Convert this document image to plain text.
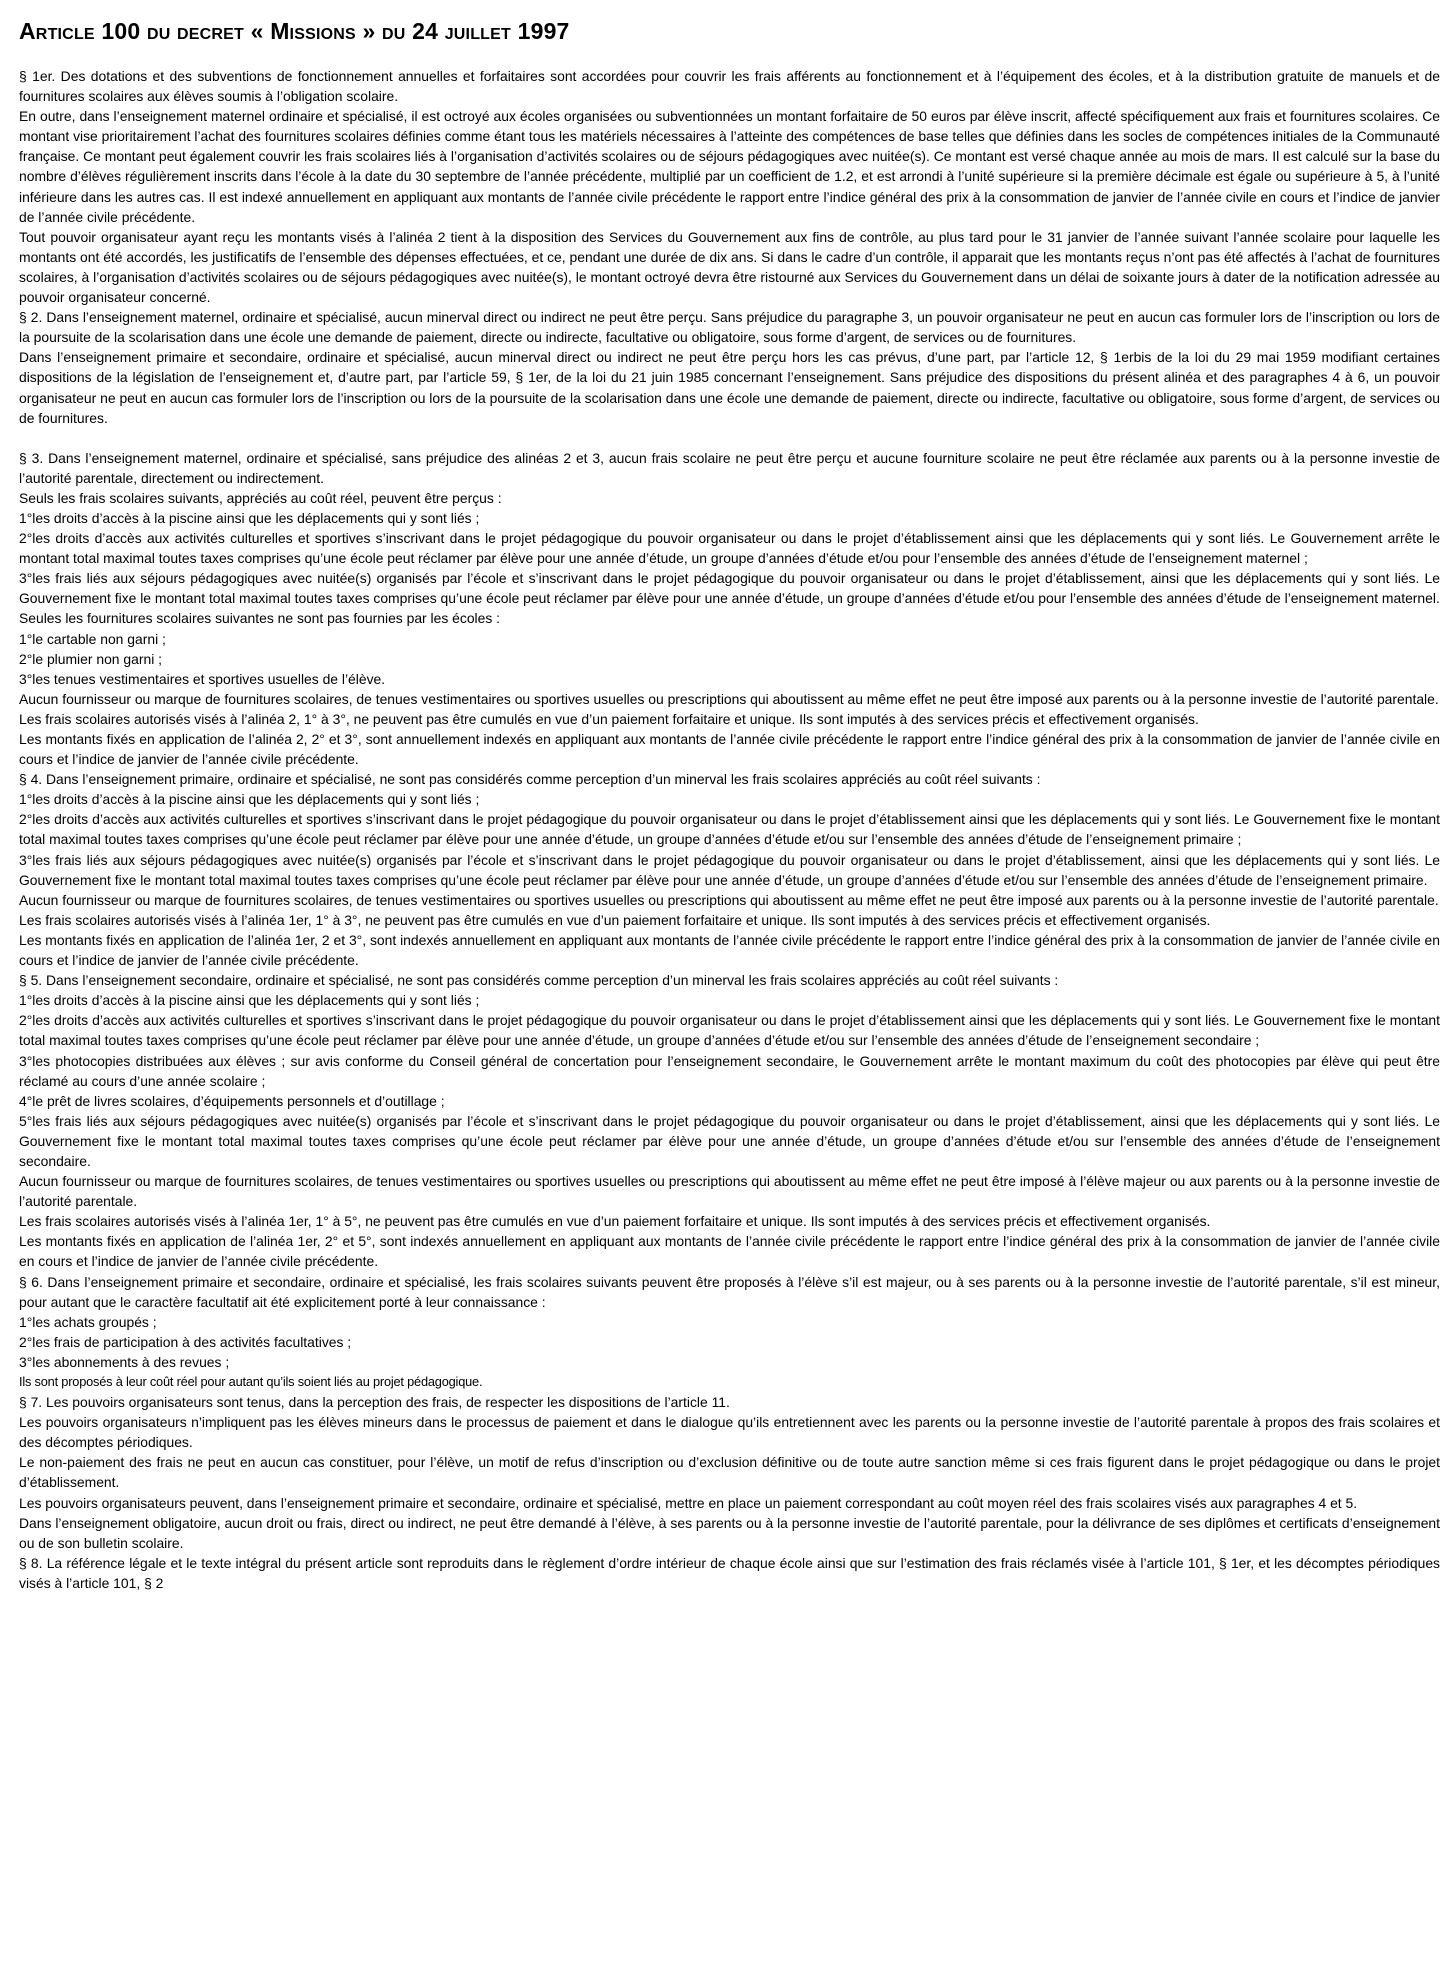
Article 100 du decret « Missions » du 24 juillet 1997

§ 1er. Des dotations et des subventions de fonctionnement annuelles et forfaitaires sont accordées pour couvrir les frais afférents au fonctionnement et à l’équipement des écoles, et à la distribution gratuite de manuels et de fournitures scolaires aux élèves soumis à l’obligation scolaire.

En outre, dans l’enseignement maternel ordinaire et spécialisé, il est octroyé aux écoles organisées ou subventionnées un montant forfaitaire de 50 euros par élève inscrit, affecté spécifiquement aux frais et fournitures scolaires. Ce montant vise prioritairement l’achat des fournitures scolaires définies comme étant tous les matériels nécessaires à l’atteinte des compétences de base telles que définies dans les socles de compétences initiales de la Communauté française. Ce montant peut également couvrir les frais scolaires liés à l’organisation d’activités scolaires ou de séjours pédagogiques avec nuitée(s). Ce montant est versé chaque année au mois de mars. Il est calculé sur la base du nombre d’élèves régulièrement inscrits dans l’école à la date du 30 septembre de l’année précédente, multiplié par un coefficient de 1.2, et est arrondi à l’unité supérieure si la première décimale est égale ou supérieure à 5, à l’unité inférieure dans les autres cas. Il est indexé annuellement en appliquant aux montants de l’année civile précédente le rapport entre l’indice général des prix à la consommation de janvier de l’année civile en cours et l’indice de janvier de l’année civile précédente.

Tout pouvoir organisateur ayant reçu les montants visés à l’alinéa 2 tient à la disposition des Services du Gouvernement aux fins de contrôle, au plus tard pour le 31 janvier de l’année suivant l’année scolaire pour laquelle les montants ont été accordés, les justificatifs de l’ensemble des dépenses effectuées, et ce, pendant une durée de dix ans. Si dans le cadre d’un contrôle, il apparait que les montants reçus n’ont pas été affectés à l’achat de fournitures scolaires, à l’organisation d’activités scolaires ou de séjours pédagogiques avec nuitée(s), le montant octroyé devra être ristourné aux Services du Gouvernement dans un délai de soixante jours à dater de la notification adressée au pouvoir organisateur concerné.

§ 2. Dans l’enseignement maternel, ordinaire et spécialisé, aucun minerval direct ou indirect ne peut être perçu. Sans préjudice du paragraphe 3, un pouvoir organisateur ne peut en aucun cas formuler lors de l’inscription ou lors de la poursuite de la scolarisation dans une école une demande de paiement, directe ou indirecte, facultative ou obligatoire, sous forme d’argent, de services ou de fournitures.

Dans l’enseignement primaire et secondaire, ordinaire et spécialisé, aucun minerval direct ou indirect ne peut être perçu hors les cas prévus, d’une part, par l’article 12, § 1erbis de la loi du 29 mai 1959 modifiant certaines dispositions de la législation de l’enseignement et, d’autre part, par l’article 59, § 1er, de la loi du 21 juin 1985 concernant l’enseignement. Sans préjudice des dispositions du présent alinéa et des paragraphes 4 à 6, un pouvoir organisateur ne peut en aucun cas formuler lors de l’inscription ou lors de la poursuite de la scolarisation dans une école une demande de paiement, directe ou indirecte, facultative ou obligatoire, sous forme d’argent, de services ou de fournitures.

§ 3. Dans l’enseignement maternel, ordinaire et spécialisé, sans préjudice des alinéas 2 et 3, aucun frais scolaire ne peut être perçu et aucune fourniture scolaire ne peut être réclamée aux parents ou à la personne investie de l’autorité parentale, directement ou indirectement.

Seuls les frais scolaires suivants, appréciés au coût réel, peuvent être perçus :

1°les droits d’accès à la piscine ainsi que les déplacements qui y sont liés ;

2°les droits d’accès aux activités culturelles et sportives s’inscrivant dans le projet pédagogique du pouvoir organisateur ou dans le projet d’établissement ainsi que les déplacements qui y sont liés. Le Gouvernement arrête le montant total maximal toutes taxes comprises qu’une école peut réclamer par élève pour une année d’étude, un groupe d’années d’étude et/ou pour l’ensemble des années d’étude de l’enseignement maternel ;

3°les frais liés aux séjours pédagogiques avec nuitée(s) organisés par l’école et s’inscrivant dans le projet pédagogique du pouvoir organisateur ou dans le projet d’établissement, ainsi que les déplacements qui y sont liés. Le Gouvernement fixe le montant total maximal toutes taxes comprises qu’une école peut réclamer par élève pour une année d’étude, un groupe d’années d’étude et/ou pour l’ensemble des années d’étude de l’enseignement maternel.

Seules les fournitures scolaires suivantes ne sont pas fournies par les écoles :

1°le cartable non garni ;

2°le plumier non garni ;

3°les tenues vestimentaires et sportives usuelles de l’élève.

Aucun fournisseur ou marque de fournitures scolaires, de tenues vestimentaires ou sportives usuelles ou prescriptions qui aboutissent au même effet ne peut être imposé aux parents ou à la personne investie de l’autorité parentale.

Les frais scolaires autorisés visés à l’alinéa 2, 1° à 3°, ne peuvent pas être cumulés en vue d’un paiement forfaitaire et unique. Ils sont imputés à des services précis et effectivement organisés.

Les montants fixés en application de l’alinéa 2, 2° et 3°, sont annuellement indexés en appliquant aux montants de l’année civile précédente le rapport entre l’indice général des prix à la consommation de janvier de l’année civile en cours et l’indice de janvier de l’année civile précédente.

§ 4. Dans l’enseignement primaire, ordinaire et spécialisé, ne sont pas considérés comme perception d’un minerval les frais scolaires appréciés au coût réel suivants :

1°les droits d’accès à la piscine ainsi que les déplacements qui y sont liés ;

2°les droits d’accès aux activités culturelles et sportives s’inscrivant dans le projet pédagogique du pouvoir organisateur ou dans le projet d’établissement ainsi que les déplacements qui y sont liés. Le Gouvernement fixe le montant total maximal toutes taxes comprises qu’une école peut réclamer par élève pour une année d’étude, un groupe d’années d’étude et/ou sur l’ensemble des années d’étude de l’enseignement primaire ;

3°les frais liés aux séjours pédagogiques avec nuitée(s) organisés par l’école et s’inscrivant dans le projet pédagogique du pouvoir organisateur ou dans le projet d’établissement, ainsi que les déplacements qui y sont liés. Le Gouvernement fixe le montant total maximal toutes taxes comprises qu’une école peut réclamer par élève pour une année d’étude, un groupe d’années d’étude et/ou sur l’ensemble des années d’étude de l’enseignement primaire.

Aucun fournisseur ou marque de fournitures scolaires, de tenues vestimentaires ou sportives usuelles ou prescriptions qui aboutissent au même effet ne peut être imposé aux parents ou à la personne investie de l’autorité parentale.

Les frais scolaires autorisés visés à l’alinéa 1er, 1° à 3°, ne peuvent pas être cumulés en vue d’un paiement forfaitaire et unique. Ils sont imputés à des services précis et effectivement organisés.

Les montants fixés en application de l’alinéa 1er, 2 et 3°, sont indexés annuellement en appliquant aux montants de l’année civile précédente le rapport entre l’indice général des prix à la consommation de janvier de l’année civile en cours et l’indice de janvier de l’année civile précédente.

§ 5. Dans l’enseignement secondaire, ordinaire et spécialisé, ne sont pas considérés comme perception d’un minerval les frais scolaires appréciés au coût réel suivants :

1°les droits d’accès à la piscine ainsi que les déplacements qui y sont liés ;

2°les droits d’accès aux activités culturelles et sportives s’inscrivant dans le projet pédagogique du pouvoir organisateur ou dans le projet d’établissement ainsi que les déplacements qui y sont liés. Le Gouvernement fixe le montant total maximal toutes taxes comprises qu’une école peut réclamer par élève pour une année d’étude, un groupe d’années d’étude et/ou sur l’ensemble des années d’étude de l’enseignement secondaire ;

3°les photocopies distribuées aux élèves ; sur avis conforme du Conseil général de concertation pour l’enseignement secondaire, le Gouvernement arrête le montant maximum du coût des photocopies par élève qui peut être réclamé au cours d’une année scolaire ;

4°le prêt de livres scolaires, d’équipements personnels et d’outillage ;

5°les frais liés aux séjours pédagogiques avec nuitée(s) organisés par l’école et s’inscrivant dans le projet pédagogique du pouvoir organisateur ou dans le projet d’établissement, ainsi que les déplacements qui y sont liés. Le Gouvernement fixe le montant total maximal toutes taxes comprises qu’une école peut réclamer par élève pour une année d’étude, un groupe d’années d’étude et/ou sur l’ensemble des années d’étude de l’enseignement secondaire.

Aucun fournisseur ou marque de fournitures scolaires, de tenues vestimentaires ou sportives usuelles ou prescriptions qui aboutissent au même effet ne peut être imposé à l’élève majeur ou aux parents ou à la personne investie de l’autorité parentale.

Les frais scolaires autorisés visés à l’alinéa 1er, 1° à 5°, ne peuvent pas être cumulés en vue d’un paiement forfaitaire et unique. Ils sont imputés à des services précis et effectivement organisés.

Les montants fixés en application de l’alinéa 1er, 2° et 5°, sont indexés annuellement en appliquant aux montants de l’année civile précédente le rapport entre l’indice général des prix à la consommation de janvier de l’année civile en cours et l’indice de janvier de l’année civile précédente.

§ 6. Dans l’enseignement primaire et secondaire, ordinaire et spécialisé, les frais scolaires suivants peuvent être proposés à l’élève s’il est majeur, ou à ses parents ou à la personne investie de l’autorité parentale, s’il est mineur, pour autant que le caractère facultatif ait été explicitement porté à leur connaissance :

1°les achats groupés ;

2°les frais de participation à des activités facultatives ;

3°les abonnements à des revues ;

Ils sont proposés à leur coût réel pour autant qu’ils soient liés au projet pédagogique.

§ 7. Les pouvoirs organisateurs sont tenus, dans la perception des frais, de respecter les dispositions de l’article 11.

Les pouvoirs organisateurs n’impliquent pas les élèves mineurs dans le processus de paiement et dans le dialogue qu’ils entretiennent avec les parents ou la personne investie de l’autorité parentale à propos des frais scolaires et des décomptes périodiques.

Le non-paiement des frais ne peut en aucun cas constituer, pour l’élève, un motif de refus d’inscription ou d’exclusion définitive ou de toute autre sanction même si ces frais figurent dans le projet pédagogique ou dans le projet d’établissement.

Les pouvoirs organisateurs peuvent, dans l’enseignement primaire et secondaire, ordinaire et spécialisé, mettre en place un paiement correspondant au coût moyen réel des frais scolaires visés aux paragraphes 4 et 5.

Dans l’enseignement obligatoire, aucun droit ou frais, direct ou indirect, ne peut être demandé à l’élève, à ses parents ou à la personne investie de l’autorité parentale, pour la délivrance de ses diplômes et certificats d’enseignement ou de son bulletin scolaire.

§ 8. La référence légale et le texte intégral du présent article sont reproduits dans le règlement d’ordre intérieur de chaque école ainsi que sur l’estimation des frais réclamés visée à l’article 101, § 1er, et les décomptes périodiques visés à l’article 101, § 2
